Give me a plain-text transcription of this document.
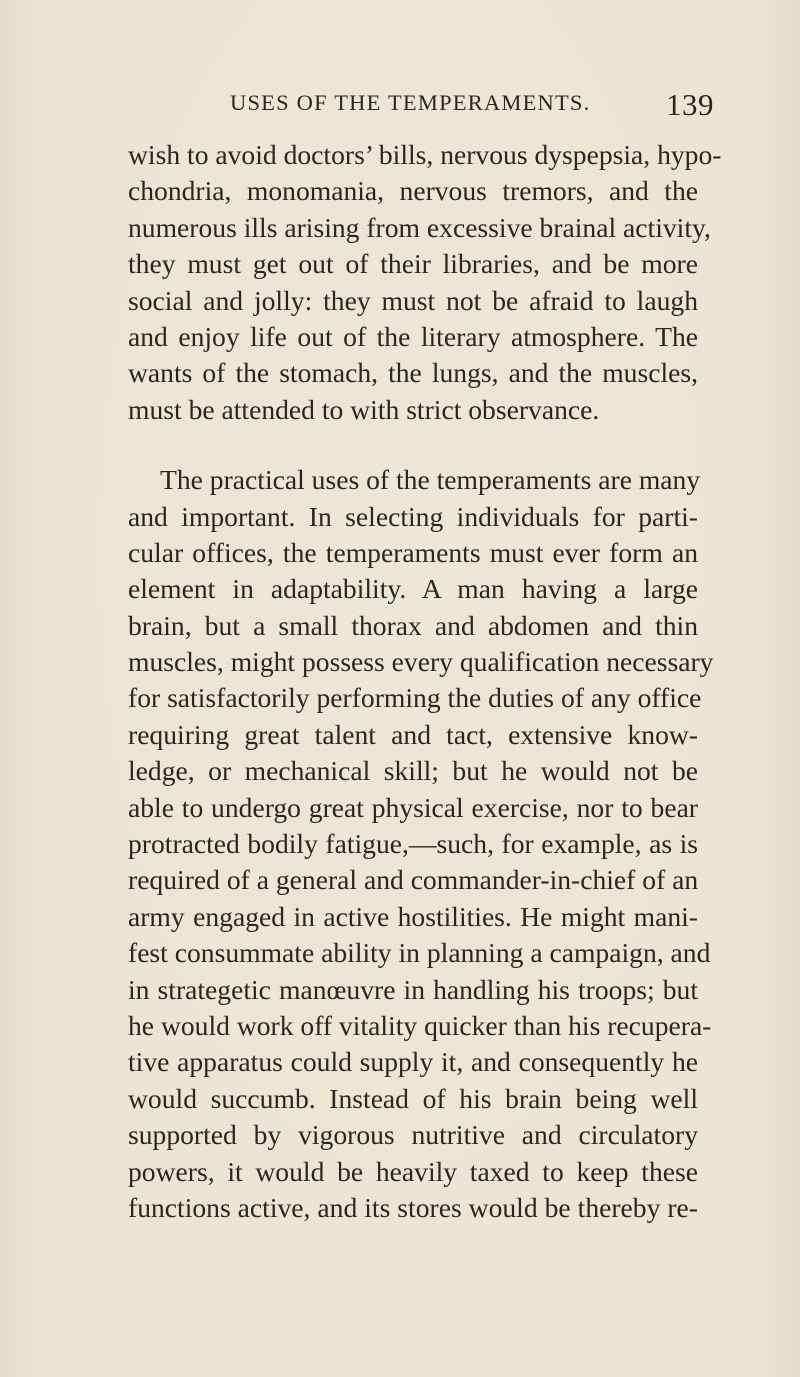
USES OF THE TEMPERAMENTS. 139
wish to avoid doctors’ bills, nervous dyspepsia, hypo-
chondria, monomania, nervous tremors, and the
numerous ills arising from excessive brainal activity,
they must get out of their libraries, and be more
social and jolly: they must not be afraid to laugh
and enjoy life out of the literary atmosphere. The
wants of the stomach, the lungs, and the muscles,
must be attended to with strict observance.
The practical uses of the temperaments are many
and important. In selecting individuals for parti-
cular offices, the temperaments must ever form an
element in adaptability. A man having a large
brain, but a small thorax and abdomen and thin
muscles, might possess every qualification necessary
for satisfactorily performing the duties of any office
requiring great talent and tact, extensive know-
ledge, or mechanical skill; but he would not be
able to undergo great physical exercise, nor to bear
protracted bodily fatigue,—such, for example, as is
required of a general and commander-in-chief of an
army engaged in active hostilities. He might mani-
fest consummate ability in planning a campaign, and
in strategetic manœuvre in handling his troops; but
he would work off vitality quicker than his recupera-
tive apparatus could supply it, and consequently he
would succumb. Instead of his brain being well
supported by vigorous nutritive and circulatory
powers, it would be heavily taxed to keep these
functions active, and its stores would be thereby re-
